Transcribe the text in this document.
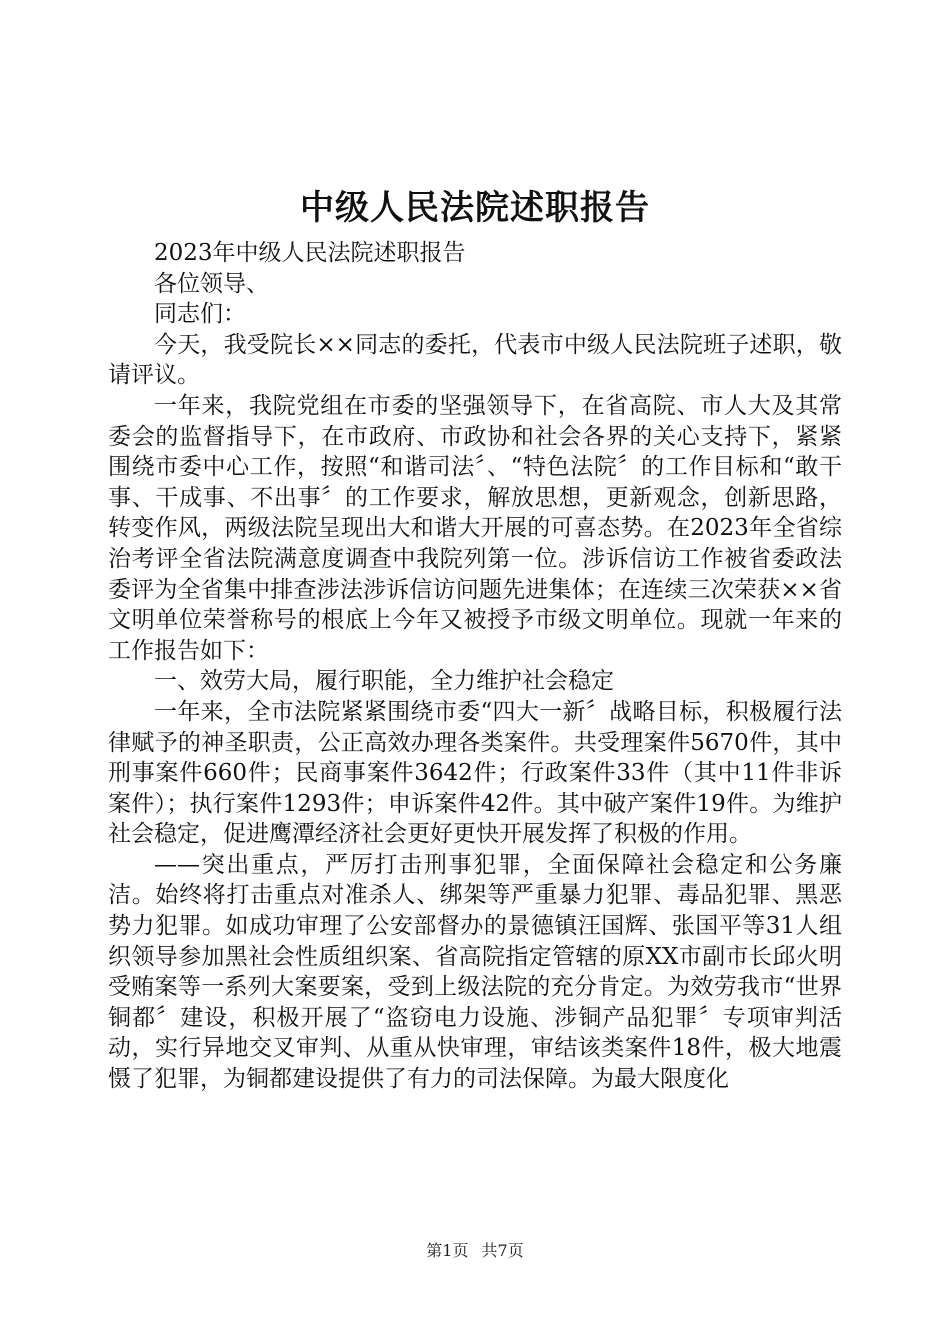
中级人民法院述职报告

2023年中级人民法院述职报告

各位领导、

同志们：

今天，我受院长××同志的委托，代表市中级人民法院班子述职，敬请评议。

一年来，我院党组在市委的坚强领导下，在省高院、市人大及其常委会的监督指导下，在市政府、市政协和社会各界的关心支持下，紧紧围绕市委中心工作，按照“和谐司法〞、“特色法院〞的工作目标和“敢干事、干成事、不出事〞的工作要求，解放思想，更新观念，创新思路，转变作风，两级法院呈现出大和谐大开展的可喜态势。在2023年全省综治考评全省法院满意度调查中我院列第一位。涉诉信访工作被省委政法委评为全省集中排查涉法涉诉信访问题先进集体；在连续三次荣获××省文明单位荣誉称号的根底上今年又被授予市级文明单位。现就一年来的工作报告如下：

一、效劳大局，履行职能，全力维护社会稳定

一年来，全市法院紧紧围绕市委“四大一新〞战略目标，积极履行法律赋予的神圣职责，公正高效办理各类案件。共受理案件5670件，其中刑事案件660件；民商事案件3642件；行政案件33件（其中11件非诉案件）；执行案件1293件；申诉案件42件。其中破产案件19件。为维护社会稳定，促进鹰潭经济社会更好更快开展发挥了积极的作用。

——突出重点，严厉打击刑事犯罪，全面保障社会稳定和公务廉洁。始终将打击重点对准杀人、绑架等严重暴力犯罪、毒品犯罪、黑恶势力犯罪。如成功审理了公安部督办的景德镇汪国辉、张国平等31人组织领导参加黑社会性质组织案、省高院指定管辖的原XX市副市长邱火明受贿案等一系列大案要案，受到上级法院的充分肯定。为效劳我市“世界铜都〞建设，积极开展了“盗窃电力设施、涉铜产品犯罪〞专项审判活动，实行异地交叉审判、从重从快审理，审结该类案件18件，极大地震慑了犯罪，为铜都建设提供了有力的司法保障。为最大限度化

第1页 共7页
